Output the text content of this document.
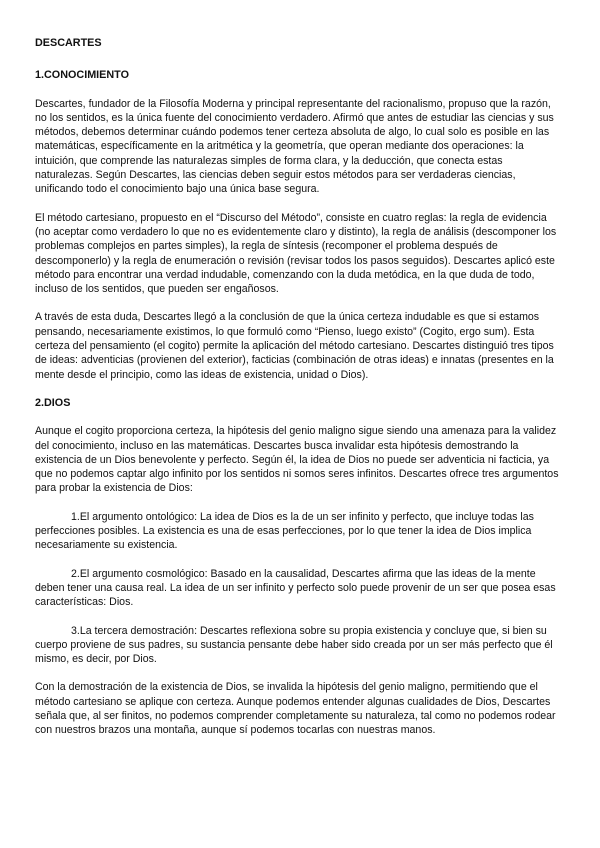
DESCARTES
1.CONOCIMIENTO

Descartes, fundador de la Filosofía Moderna y principal representante del racionalismo, propuso que la razón, no los sentidos, es la única fuente del conocimiento verdadero. Afirmó que antes de estudiar las ciencias y sus métodos, debemos determinar cuándo podemos tener certeza absoluta de algo, lo cual solo es posible en las matemáticas, específicamente en la aritmética y la geometría, que operan mediante dos operaciones: la intuición, que comprende las naturalezas simples de forma clara, y la deducción, que conecta estas naturalezas. Según Descartes, las ciencias deben seguir estos métodos para ser verdaderas ciencias, unificando todo el conocimiento bajo una única base segura.

El método cartesiano, propuesto en el “Discurso del Método”, consiste en cuatro reglas: la regla de evidencia (no aceptar como verdadero lo que no es evidentemente claro y distinto), la regla de análisis (descomponer los problemas complejos en partes simples), la regla de síntesis (recomponer el problema después de descomponerlo) y la regla de enumeración o revisión (revisar todos los pasos seguidos). Descartes aplicó este método para encontrar una verdad indudable, comenzando con la duda metódica, en la que duda de todo, incluso de los sentidos, que pueden ser engañosos.

A través de esta duda, Descartes llegó a la conclusión de que la única certeza indudable es que si estamos pensando, necesariamente existimos, lo que formuló como “Pienso, luego existo” (Cogito, ergo sum). Esta certeza del pensamiento (el cogito) permite la aplicación del método cartesiano. Descartes distinguió tres tipos de ideas: adventicias (provienen del exterior), facticias (combinación de otras ideas) e innatas (presentes en la mente desde el principio, como las ideas de existencia, unidad o Dios).

2.DIOS

Aunque el cogito proporciona certeza, la hipótesis del genio maligno sigue siendo una amenaza para la validez del conocimiento, incluso en las matemáticas. Descartes busca invalidar esta hipótesis demostrando la existencia de un Dios benevolente y perfecto. Según él, la idea de Dios no puede ser adventicia ni facticia, ya que no podemos captar algo infinito por los sentidos ni somos seres infinitos. Descartes ofrece tres argumentos para probar la existencia de Dios:

1.El argumento ontológico: La idea de Dios es la de un ser infinito y perfecto, que incluye todas las perfecciones posibles. La existencia es una de esas perfecciones, por lo que tener la idea de Dios implica necesariamente su existencia.

2.El argumento cosmológico: Basado en la causalidad, Descartes afirma que las ideas de la mente deben tener una causa real. La idea de un ser infinito y perfecto solo puede provenir de un ser que posea esas características: Dios.

3.La tercera demostración: Descartes reflexiona sobre su propia existencia y concluye que, si bien su cuerpo proviene de sus padres, su sustancia pensante debe haber sido creada por un ser más perfecto que él mismo, es decir, por Dios.

Con la demostración de la existencia de Dios, se invalida la hipótesis del genio maligno, permitiendo que el método cartesiano se aplique con certeza. Aunque podemos entender algunas cualidades de Dios, Descartes señala que, al ser finitos, no podemos comprender completamente su naturaleza, tal como no podemos rodear con nuestros brazos una montaña, aunque sí podemos tocarlas con nuestras manos.
